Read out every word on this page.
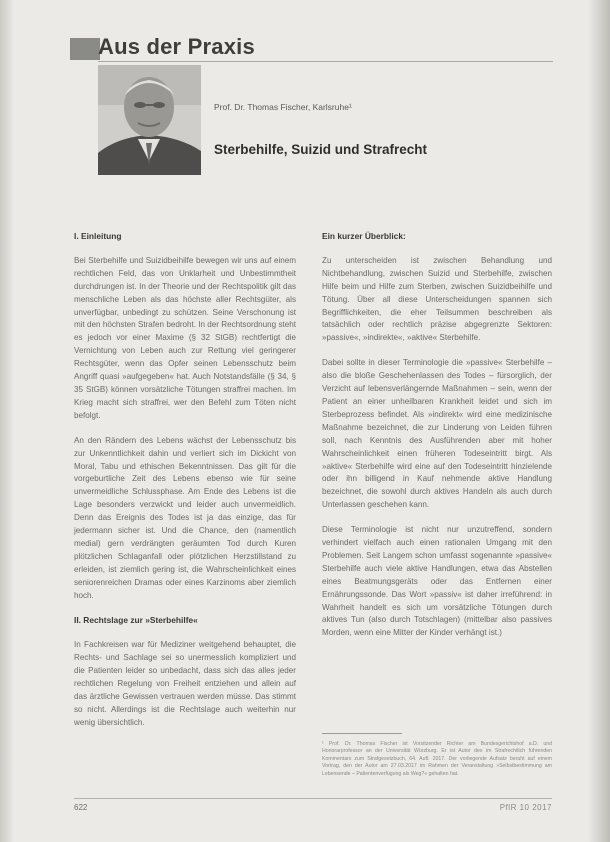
Aus der Praxis
Prof. Dr. Thomas Fischer, Karlsruhe¹
Sterbehilfe, Suizid und Strafrecht
I. Einleitung

Bei Sterbehilfe und Suizidbeihilfe bewegen wir uns auf einem rechtlichen Feld, das von Unklarheit und Unbestimmtheit durchdrungen ist. In der Theorie und der Rechtspolitik gilt das menschliche Leben als das höchste aller Rechtsgüter, als unverfügbar, unbedingt zu schützen. Seine Verschonung ist mit den höchsten Strafen bedroht. In der Rechtsordnung steht es jedoch vor einer Maxime (§ 32 StGB) rechtfertigt die Vernichtung von Leben auch zur Rettung viel geringerer Rechtsgüter, wenn das Opfer seinen Lebensschutz beim Angriff quasi »aufgegeben« hat. Auch Notstandsfälle (§ 34, § 35 StGB) können vorsätzliche Tötungen straffrei machen. Im Krieg macht sich straffrei, wer den Befehl zum Töten nicht befolgt.

An den Rändern des Lebens wächst der Lebensschutz bis zur Unkenntlichkeit dahin und verliert sich im Dickicht von Moral, Tabu und ethischen Bekenntnissen. Das gilt für die vorgeburtliche Zeit des Lebens ebenso wie für seine unvermeidliche Schlussphase. Am Ende des Lebens ist die Lage besonders verzwickt und leider auch unvermeidlich. Denn das Ereignis des Todes ist ja das einzige, das für jedermann sicher ist. Und die Chance, den (namentlich medial) gern verdrängten geräumten Tod durch Kuren plötzlichen Schlaganfall oder plötzlichen Herzstillstand zu erleiden, ist ziemlich gering ist, die Wahrscheinlichkeit eines seniorenreichen Dramas oder eines Karzinoms aber ziemlich hoch.

II. Rechtslage zur »Sterbehilfe«

In Fachkreisen war für Mediziner weitgehend behauptet, die Rechts- und Sachlage sei so unermesslich kompliziert und die Patienten leider so unbedacht, dass sich das alles jeder rechtlichen Regelung von Freiheit entziehen und allein auf das ärztliche Gewissen vertrauen werden müsse. Das stimmt so nicht. Allerdings ist die Rechtslage auch weiterhin nur wenig übersichtlich.

Ein kurzer Überblick:

Zu unterscheiden ist zwischen Behandlung und Nichtbehandlung, zwischen Suizid und Sterbehilfe, zwischen Hilfe beim und Hilfe zum Sterben, zwischen Suizidbeihilfe und Tötung. Über all diese Unterscheidungen spannen sich Begrifflichkeiten, die eher Teilsummen beschreiben als tatsächlich oder rechtlich präzise abgegrenzte Sektoren: »passive«, »indirekte«, »aktive« Sterbehilfe.

Dabei sollte in dieser Terminologie die »passive« Sterbehilfe – also die bloße Geschehenlassen des Todes – fürsorglich, der Verzicht auf lebensverlängernde Maßnahmen – sein, wenn der Patient an einer unheilbaren Krankheit leidet und sich im Sterbeprozess befindet. Als »indirekt« wird eine medizinische Maßnahme bezeichnet, die zur Linderung von Leiden führen soll, nach Kenntnis des Ausführenden aber mit hoher Wahrscheinlichkeit einen früheren Todeseintritt birgt. Als »aktive« Sterbehilfe wird eine auf den Todeseintritt hinzielende oder ihn billigend in Kauf nehmende aktive Handlung bezeichnet, die sowohl durch aktives Handeln als auch durch Unterlassen geschehen kann.

Diese Terminologie ist nicht nur unzutreffend, sondern verhindert vielfach auch einen rationalen Umgang mit den Problemen. Seit Langem schon umfasst sogenannte »passive« Sterbehilfe auch viele aktive Handlungen, etwa das Abstellen eines Beatmungsgeräts oder das Entfernen einer Ernährungssonde. Das Wort »passiv« ist daher irreführend: in Wahrheit handelt es sich um vorsätzliche Tötungen durch aktives Tun (also durch Totschlagen) (mittelbar also passives Morden, wenn eine Mitter der Kinder verhängt ist.)

¹ Prof. Dr. Thomas Fischer ist Vorsitzender Richter am Bundesgerichtshof a.D. und Honorarprofessor an der Universität Würzburg. Er ist Autor des im Strafrechtlich führenden Kommentars zum Strafgesetzbuch, 64. Aufl. 2017. Der vorliegende Aufsatz beruht auf einem Vortrag, den der Autor am 27.03.2017 im Rahmen der Veranstaltung »Selbstbestimmung am Lebensende – Patientenverfügung als Weg?« gehalten hat.
622	PflR 10 2017
